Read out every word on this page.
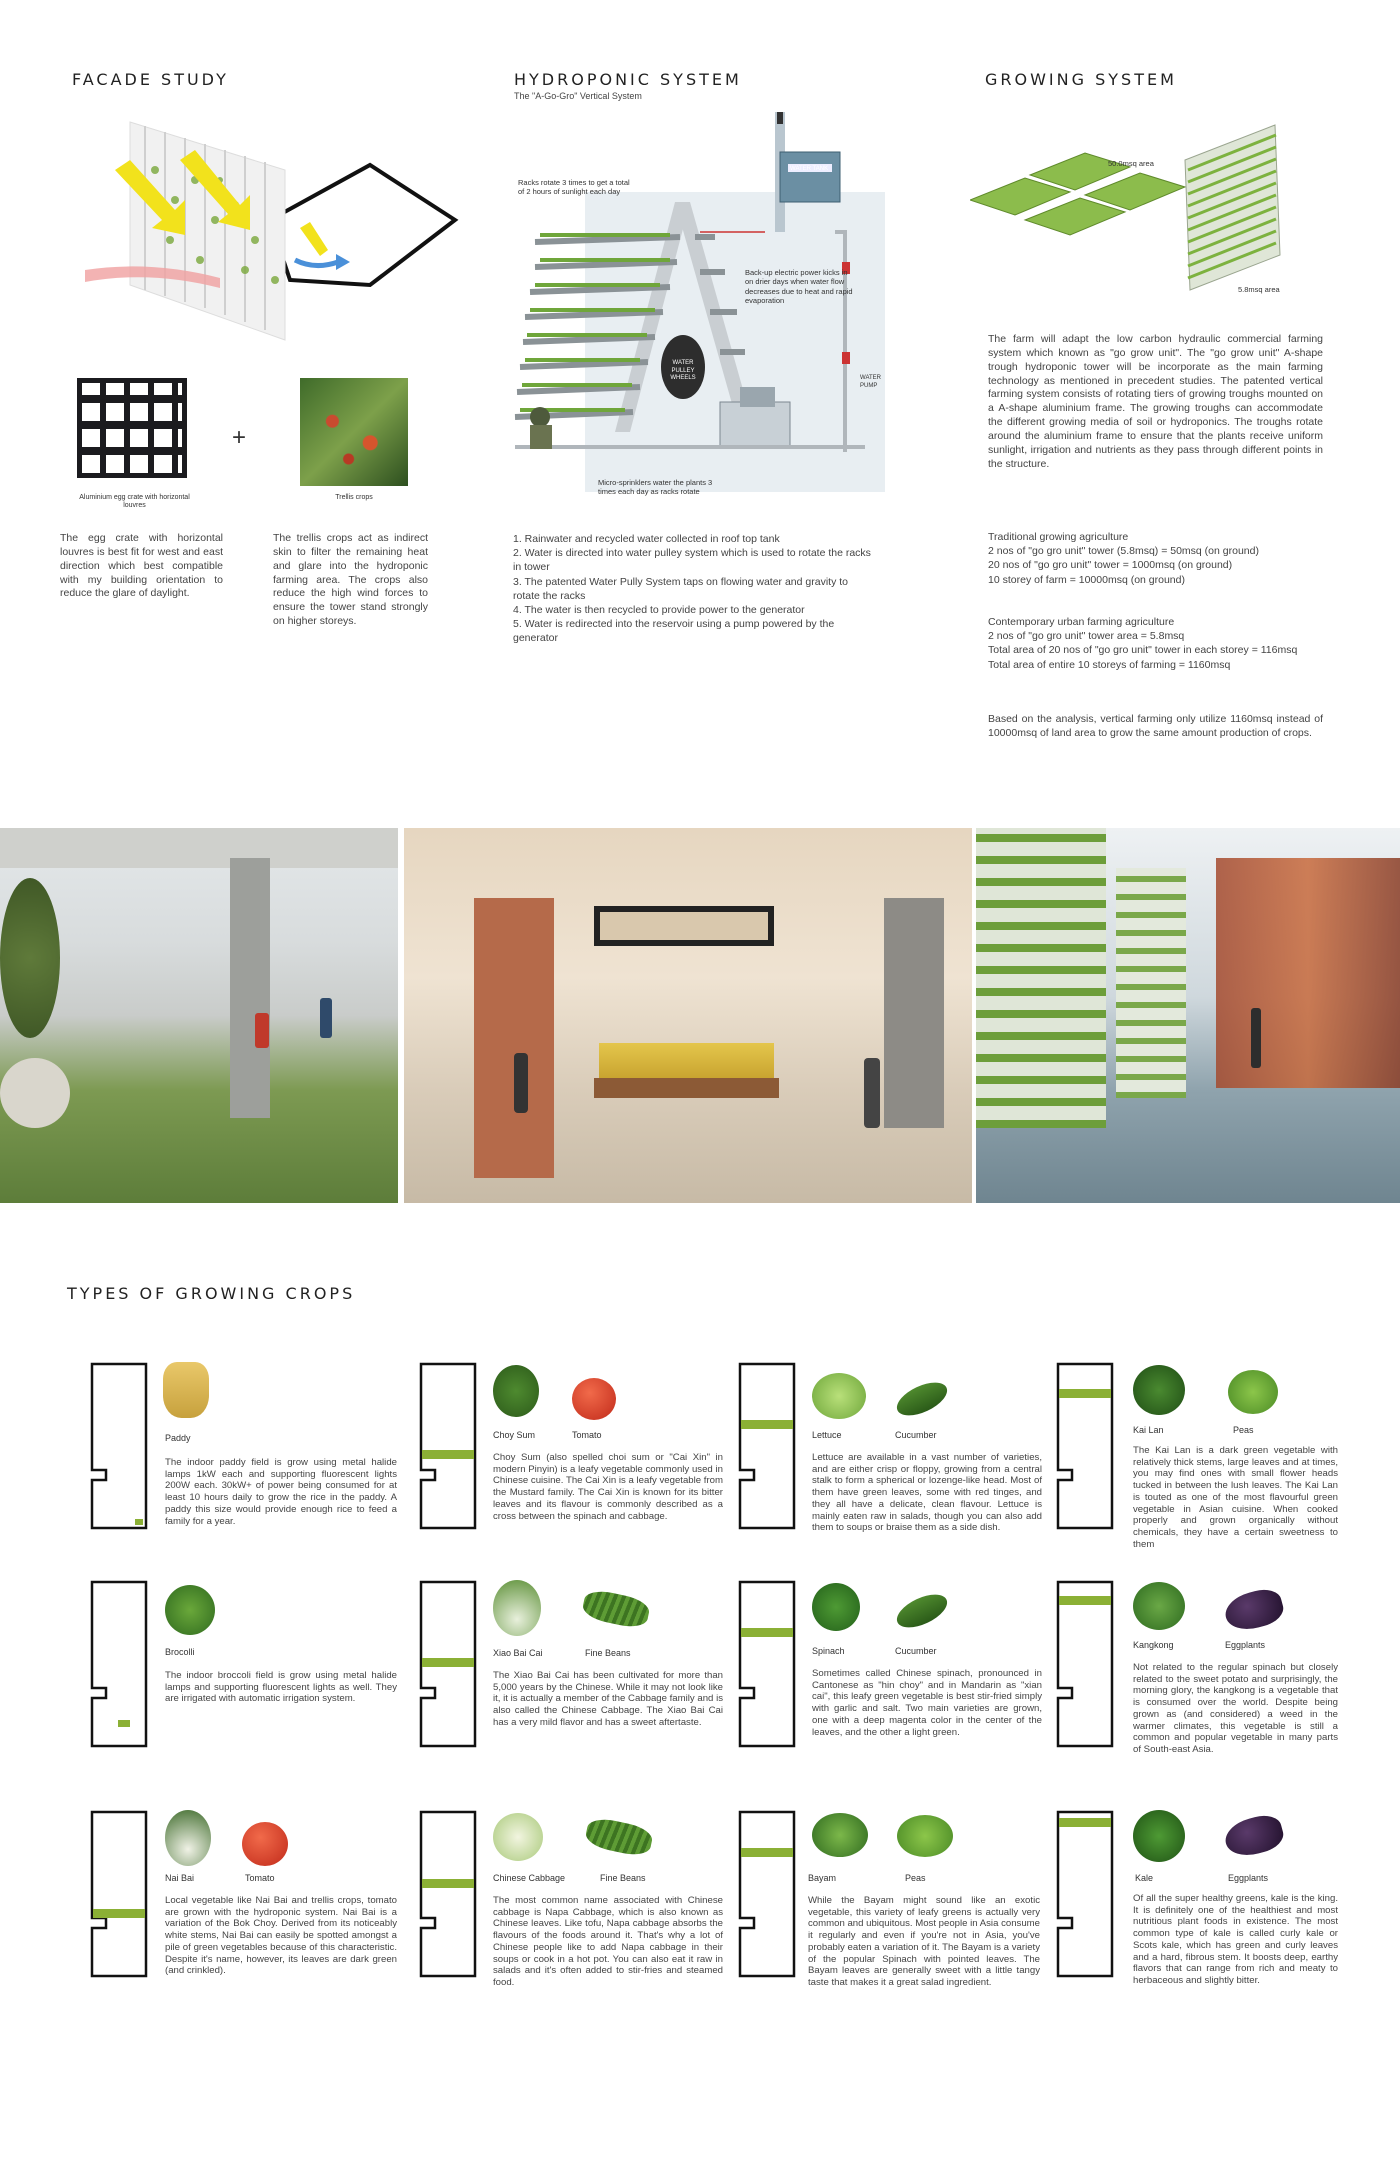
FACADE STUDY
Aluminium egg crate with horizontal louvres
+
Trellis crops
The egg crate with horizontal louvres is best fit for west and east direction which best compatible with my building orientation to reduce the glare of daylight.
The trellis crops act as indirect skin to filter the remaining heat and glare into the hydroponic farming area. The crops also reduce the high wind forces to ensure the tower stand strongly on higher storeys.
HYDROPONIC SYSTEM
The "A-Go-Gro" Vertical System
Racks rotate 3 times to get a total of 2 hours of sunlight each day
Back-up electric power kicks in on drier days when water flow decreases due to heat and rapid evaporation
Micro-sprinklers water the plants 3 times each day as racks rotate
WATER TANK
WATER PUMP
WATER PULLEY WHEELS
1. Rainwater and recycled water collected in roof top tank
2. Water is directed into water pulley system which is used to rotate the racks in tower
3. The patented Water Pully System taps on flowing water and gravity to rotate the racks
4. The water is then recycled to provide power to the generator
5. Water is redirected into the reservoir using a pump powered by the generator
GROWING SYSTEM
50.0msq area
5.8msq area
The farm will adapt the low carbon hydraulic commercial farming system which known as "go grow unit". The "go grow unit" A-shape trough hydroponic tower will be incorporate as the main farming technology as mentioned in precedent studies. The patented vertical farming system consists of rotating tiers of growing troughs mounted on a A-shape aluminium frame. The growing troughs can accommodate the different growing media of soil or hydroponics. The troughs rotate around the aluminium frame to ensure that the plants receive uniform sunlight, irrigation and nutrients as they pass through different points in the structure.
Traditional growing agriculture
2 nos of "go gro unit" tower (5.8msq) = 50msq (on ground)
20 nos of "go gro unit" tower = 1000msq (on ground)
10 storey of farm = 10000msq (on ground)
Contemporary urban farming agriculture
2 nos of "go gro unit" tower area = 5.8msq
Total area of 20 nos of "go gro unit" tower in each storey = 116msq
Total area of entire 10 storeys of farming = 1160msq
Based on the analysis, vertical farming only utilize 1160msq instead of 10000msq of land area to grow the same amount production of crops.
TYPES OF GROWING CROPS
Paddy
The indoor paddy field is grow using metal halide lamps 1kW each and supporting fluorescent lights 200W each. 30kW+ of power being consumed for at least 10 hours daily to grow the rice in the paddy. A paddy this size would provide enough rice to feed a family for a year.
Choy Sum	Tomato
Choy Sum (also spelled choi sum or "Cai Xin" in modern Pinyin) is a leafy vegetable commonly used in Chinese cuisine. The Cai Xin is a leafy vegetable from the Mustard family. The Cai Xin is known for its bitter leaves and its flavour is commonly described as a cross between the spinach and cabbage.
Lettuce	Cucumber
Lettuce are available in a vast number of varieties, and are either crisp or floppy, growing from a central stalk to form a spherical or lozenge-like head. Most of them have green leaves, some with red tinges, and they all have a delicate, clean flavour. Lettuce is mainly eaten raw in salads, though you can also add them to soups or braise them as a side dish.
Kai Lan	Peas
The Kai Lan is a dark green vegetable with relatively thick stems, large leaves and at times, you may find ones with small flower heads tucked in between the lush leaves. The Kai Lan is touted as one of the most flavourful green vegetable in Asian cuisine. When cooked properly and grown organically without chemicals, they have a certain sweetness to them
Brocolli
The indoor broccoli field is grow using metal halide lamps and supporting fluorescent lights as well. They are irrigated with automatic irrigation system.
Xiao Bai Cai	Fine Beans
The Xiao Bai Cai has been cultivated for more than 5,000 years by the Chinese. While it may not look like it, it is actually a member of the Cabbage family and is also called the Chinese Cabbage. The Xiao Bai Cai has a very mild flavor and has a sweet aftertaste.
Spinach	Cucumber
Sometimes called Chinese spinach, pronounced in Cantonese as "hin choy" and in Mandarin as "xian cai", this leafy green vegetable is best stir-fried simply with garlic and salt. Two main varieties are grown, one with a deep magenta color in the center of the leaves, and the other a light green.
Kangkong	Eggplants
Not related to the regular spinach but closely related to the sweet potato and surprisingly, the morning glory, the kangkong is a vegetable that is consumed over the world. Despite being grown as (and considered) a weed in the warmer climates, this vegetable is still a common and popular vegetable in many parts of South-east Asia.
Nai Bai	Tomato
Local vegetable like Nai Bai and trellis crops, tomato are grown with the hydroponic system. Nai Bai is a variation of the Bok Choy. Derived from its noticeably white stems, Nai Bai can easily be spotted amongst a pile of green vegetables because of this characteristic. Despite it's name, however, its leaves are dark green (and crinkled).
Chinese Cabbage	Fine Beans
The most common name associated with Chinese cabbage is Napa Cabbage, which is also known as Chinese leaves. Like tofu, Napa cabbage absorbs the flavours of the foods around it. That's why a lot of Chinese people like to add Napa cabbage in their soups or cook in a hot pot. You can also eat it raw in salads and it's often added to stir-fries and steamed food.
Bayam	Peas
While the Bayam might sound like an exotic vegetable, this variety of leafy greens is actually very common and ubiquitous. Most people in Asia consume it regularly and even if you're not in Asia, you've probably eaten a variation of it. The Bayam is a variety of the popular Spinach with pointed leaves. The Bayam leaves are generally sweet with a little tangy taste that makes it a great salad ingredient.
Kale	Eggplants
Of all the super healthy greens, kale is the king. It is definitely one of the healthiest and most nutritious plant foods in existence. The most common type of kale is called curly kale or Scots kale, which has green and curly leaves and a hard, fibrous stem. It boosts deep, earthy flavors that can range from rich and meaty to herbaceous and slightly bitter.
